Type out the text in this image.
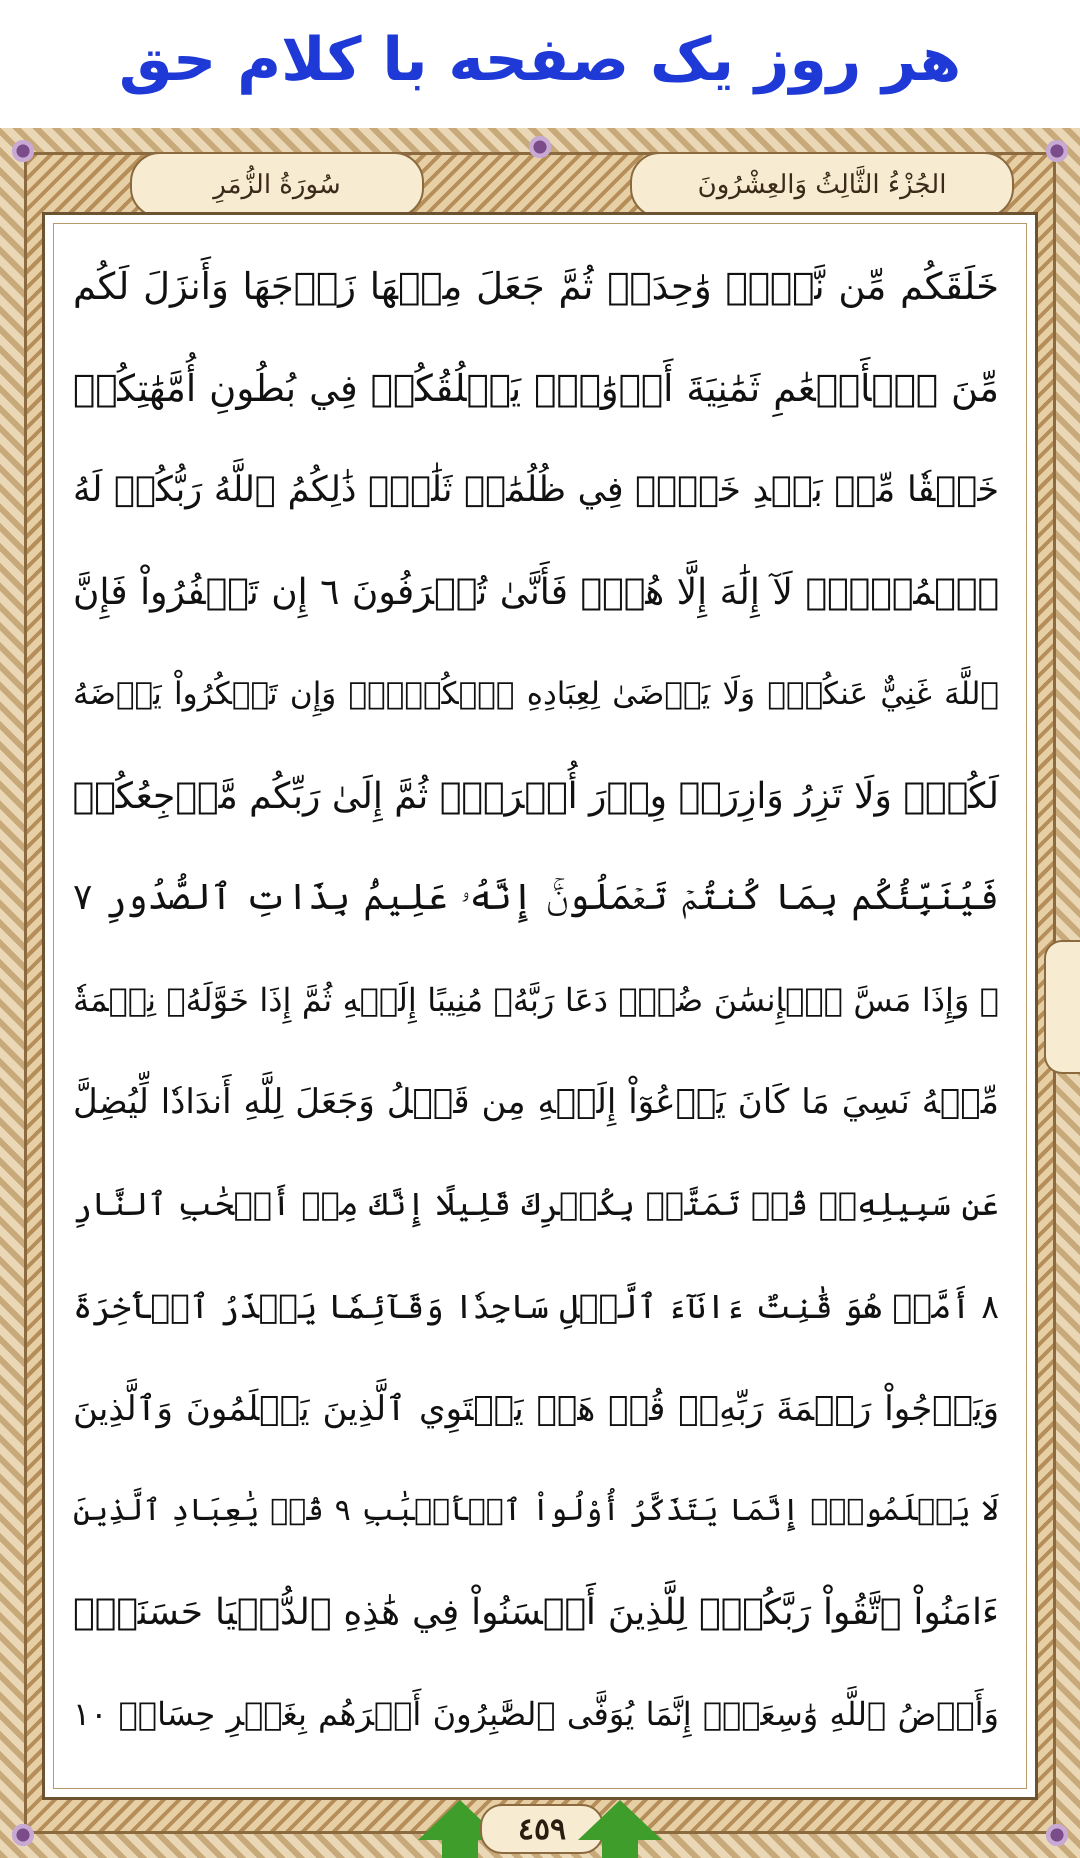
هر روز یک صفحه با کلام حق
الجُزْءُ الثَّالِثُ وَالعِشْرُونَ
سُورَةُ الزُّمَرِ
خَلَقَكُم مِّن نَّفۡسٖ وَٰحِدَةٖ ثُمَّ جَعَلَ مِنۡهَا زَوۡجَهَا وَأَنزَلَ لَكُم
مِّنَ ٱلۡأَنۡعَٰمِ ثَمَٰنِيَةَ أَزۡوَٰجٖۚ يَخۡلُقُكُمۡ فِي بُطُونِ أُمَّهَٰتِكُمۡ
خَلۡقٗا مِّنۢ بَعۡدِ خَلۡقٖ فِي ظُلُمَٰتٖ ثَلَٰثٖۚ ذَٰلِكُمُ ٱللَّهُ رَبُّكُمۡ لَهُ
ٱلۡمُلۡكُۖ لَآ إِلَٰهَ إِلَّا هُوَۖ فَأَنَّىٰ تُصۡرَفُونَ ٦ إِن تَكۡفُرُواْ فَإِنَّ
ٱللَّهَ غَنِيٌّ عَنكُمۡۖ وَلَا يَرۡضَىٰ لِعِبَادِهِ ٱلۡكُفۡرَۖ وَإِن تَشۡكُرُواْ يَرۡضَهُ
لَكُمۡۗ وَلَا تَزِرُ وَازِرَةٞ وِزۡرَ أُخۡرَىٰۗ ثُمَّ إِلَىٰ رَبِّكُم مَّرۡجِعُكُمۡ
فَيُنَبِّئُكُم بِمَا كُنتُمۡ تَعۡمَلُونَۚ إِنَّهُۥ عَلِيمُۢ بِذَاتِ ٱلصُّدُورِ ٧
۞ وَإِذَا مَسَّ ٱلۡإِنسَٰنَ ضُرّٞ دَعَا رَبَّهُۥ مُنِيبًا إِلَيۡهِ ثُمَّ إِذَا خَوَّلَهُۥ نِعۡمَةٗ
مِّنۡهُ نَسِيَ مَا كَانَ يَدۡعُوٓاْ إِلَيۡهِ مِن قَبۡلُ وَجَعَلَ لِلَّهِ أَندَادٗا لِّيُضِلَّ
عَن سَبِيلِهِۦۚ قُلۡ تَمَتَّعۡ بِكُفۡرِكَ قَلِيلًا إِنَّكَ مِنۡ أَصۡحَٰبِ ٱلنَّارِ
٨ أَمَّنۡ هُوَ قَٰنِتٌ ءَانَآءَ ٱلَّيۡلِ سَاجِدٗا وَقَآئِمٗا يَحۡذَرُ ٱلۡأٓخِرَةَ
وَيَرۡجُواْ رَحۡمَةَ رَبِّهِۦۗ قُلۡ هَلۡ يَسۡتَوِي ٱلَّذِينَ يَعۡلَمُونَ وَٱلَّذِينَ
لَا يَعۡلَمُونَۗ إِنَّمَا يَتَذَكَّرُ أُوْلُواْ ٱلۡأَلۡبَٰبِ ٩ قُلۡ يَٰعِبَادِ ٱلَّذِينَ
ءَامَنُواْ ٱتَّقُواْ رَبَّكُمۡۚ لِلَّذِينَ أَحۡسَنُواْ فِي هَٰذِهِ ٱلدُّنۡيَا حَسَنَةٞۗ
وَأَرۡضُ ٱللَّهِ وَٰسِعَةٌۗ إِنَّمَا يُوَفَّى ٱلصَّٰبِرُونَ أَجۡرَهُم بِغَيۡرِ حِسَابٖ ١٠
٤٥٩
